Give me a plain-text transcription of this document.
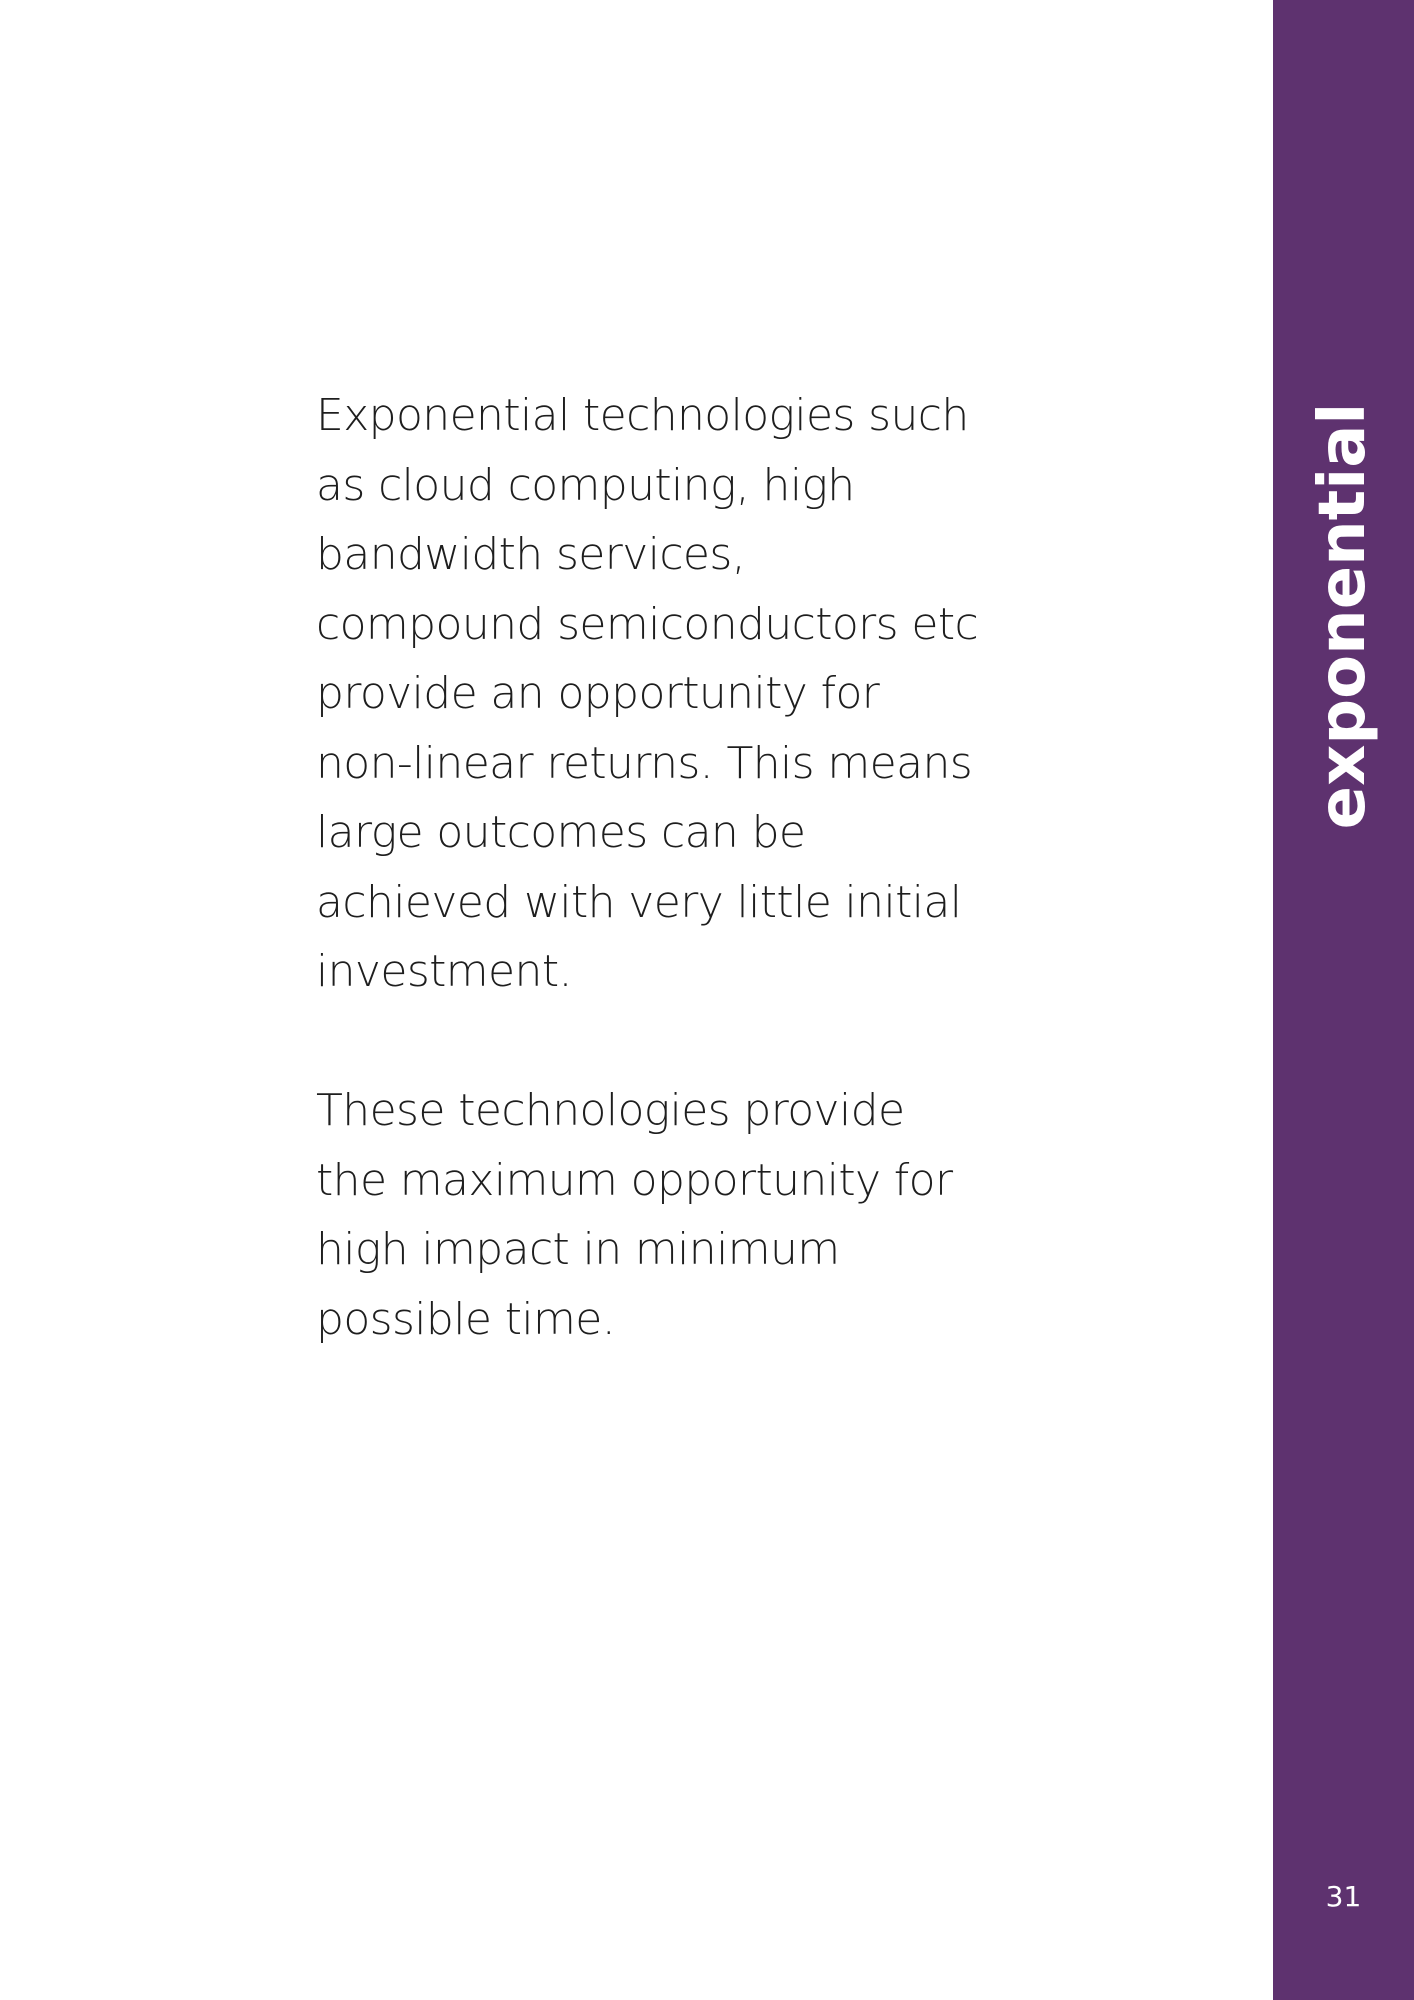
Exponential technologies such
as cloud computing, high
bandwidth services,
compound semiconductors etc
provide an opportunity for
non-linear returns. This means
large outcomes can be
achieved with very little initial
investment.

These technologies provide
the maximum opportunity for
high impact in minimum
possible time.

exponential
31
